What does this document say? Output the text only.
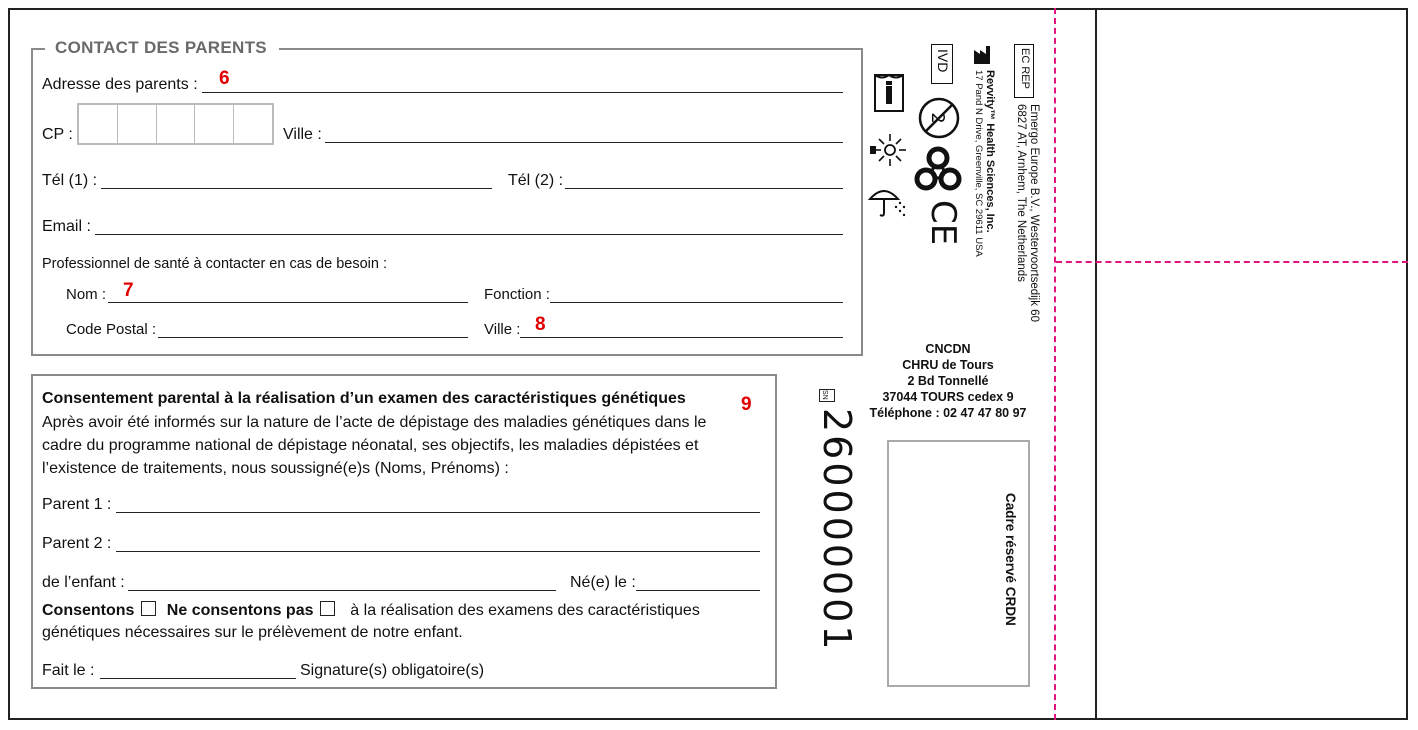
CONTACT DES PARENTS
Adresse des parents : 6
CP :	Ville :
Tél (1) :	Tél (2) :
Email :
Professionnel de santé à contacter en cas de besoin :
Nom : 7	Fonction :
Code Postal :	Ville : 8
Consentement parental à la réalisation d’un examen des caractéristiques génétiques	9
Après avoir été informés sur la nature de l’acte de dépistage des maladies génétiques dans le
cadre du programme national de dépistage néonatal, ses objectifs, les maladies dépistées et
l’existence de traitements, nous soussigné(e)s (Noms, Prénoms) :
Parent 1 :
Parent 2 :
de l’enfant :	Né(e) le :
Consentons Ne consentons pas à la réalisation des examens des caractéristiques
génétiques nécessaires sur le prélèvement de notre enfant.
Fait le :	Signature(s) obligatoire(s)
SN
260000001
2
CE
IVD
Revvity™ Health Sciences, Inc.
17 Pand N Drive, Greenville, SC 29611 USA
EC REP
Emergo Europe B.V., Westervoortsedijk 60
6827 AT, Arnhem, The Netherlands
CNCDN
CHRU de Tours
2 Bd Tonnellé
37044 TOURS cedex 9
Téléphone : 02 47 47 80 97
Cadre réservé CRDN
